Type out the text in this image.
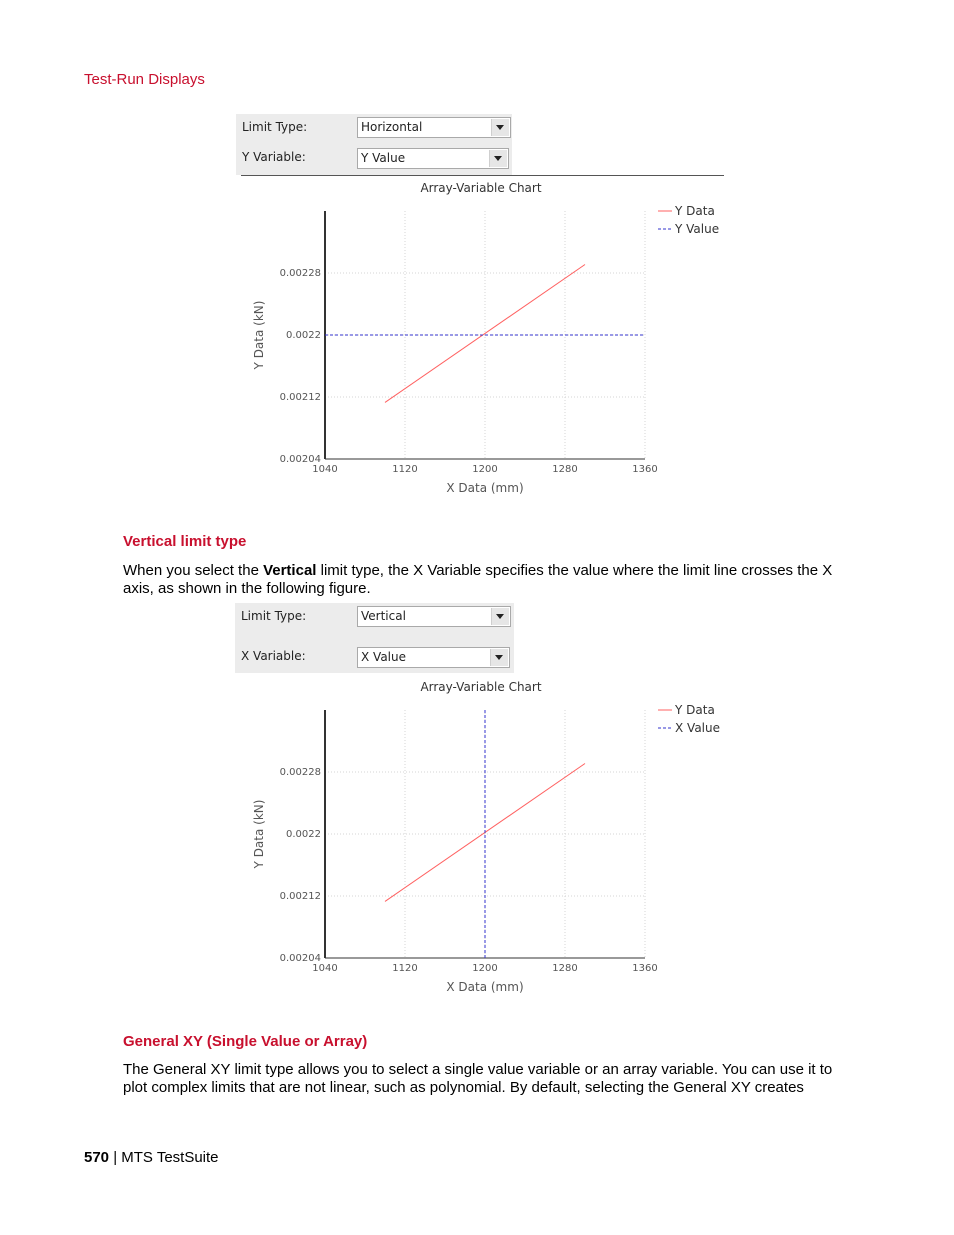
Test-Run Displays
Limit Type:	Horizontal
Y Variable:	Y Value
Array-Variable Chart
1040	1120	1200	1280	1360
0.00204
0.00212
0.0022
0.00228
X Data (mm)
Y Data (kN)
Y Data
Y Value
Vertical limit type
When you select the Vertical limit type, the X Variable specifies the value where the limit line crosses the X axis, as shown in the following figure.
Limit Type:	Vertical
X Variable:	X Value
Array-Variable Chart
1040	1120	1200	1280	1360
0.00204
0.00212
0.0022
0.00228
X Data (mm)
Y Data (kN)
Y Data
X Value
General XY (Single Value or Array)
The General XY limit type allows you to select a single value variable or an array variable. You can use it to plot complex limits that are not linear, such as polynomial. By default, selecting the General XY creates
570 | MTS TestSuite
